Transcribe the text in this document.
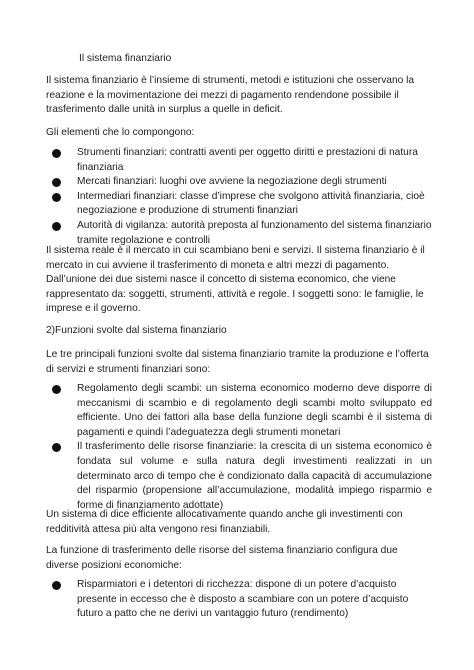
Il sistema finanziario

Il sistema finanziario è l’insieme di strumenti, metodi e istituzioni che osservano la reazione e la movimentazione dei mezzi di pagamento rendendone possibile il trasferimento dalle unità in surplus a quelle in deficit.

Gli elementi che lo compongono:

Strumenti finanziari: contratti aventi per oggetto diritti e prestazioni di natura finanziaria
Mercati finanziari: luoghi ove avviene la negoziazione degli strumenti
Intermediari finanziari: classe d’imprese che svolgono attività finanziaria, cioè negoziazione e produzione di strumenti finanziari
Autorità di vigilanza: autorità preposta al funzionamento del sistema finanziario tramite regolazione e controlli

Il sistema reale è il mercato in cui scambiano beni e servizi. Il sistema finanziario è il mercato in cui avviene il trasferimento di moneta e altri mezzi di pagamento. Dall’unione dei due sistemi nasce il concetto di sistema economico, che viene rappresentato da: soggetti, strumenti, attività e regole. I soggetti sono: le famiglie, le imprese e il governo.

2)Funzioni svolte dal sistema finanziario

Le tre principali funzioni svolte dal sistema finanziario tramite la produzione e l’offerta di servizi e strumenti finanziari sono:

Regolamento degli scambi: un sistema economico moderno deve disporre di meccanismi di scambio e di regolamento degli scambi molto sviluppato ed efficiente. Uno dei fattori alla base della funzione degli scambi è il sistema di pagamenti e quindi l’adeguatezza degli strumenti monetari
Il trasferimento delle risorse finanziarie: la crescita di un sistema economico è fondata sul volume e sulla natura degli investimenti realizzati in un determinato arco di tempo che è condizionato dalla capacità di accumulazione del risparmio (propensione all’accumulazione, modalità impiego risparmio e forme di finanziamento adottate)

Un sistema di dice efficiente allocativamente quando anche gli investimenti con redditività attesa più alta vengono resi finanziabili.

La funzione di trasferimento delle risorse del sistema finanziario configura due diverse posizioni economiche:

Risparmiatori e i detentori di ricchezza: dispone di un potere d’acquisto presente in eccesso che è disposto a scambiare con un potere d’acquisto futuro a patto che ne derivi un vantaggio futuro (rendimento)
